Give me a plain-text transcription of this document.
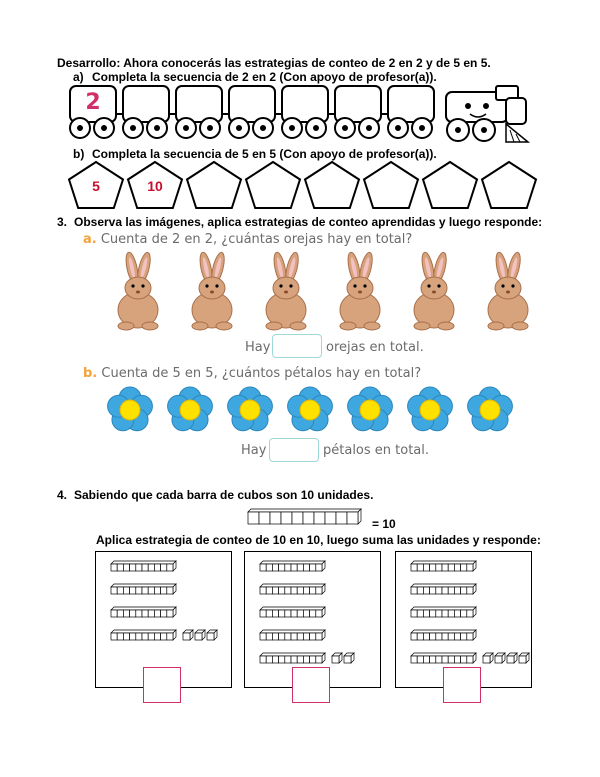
Desarrollo: Ahora conocerás las estrategias de conteo de 2 en 2 y de 5 en 5.
a) Completa la secuencia de 2 en 2 (Con apoyo de profesor(a)).
2
b) Completa la secuencia de 5 en 5 (Con apoyo de profesor(a)).
5	10
3. Observa las imágenes, aplica estrategias de conteo aprendidas y luego responde:
a. Cuenta de 2 en 2, ¿cuántas orejas hay en total?
Hay	orejas en total.
b. Cuenta de 5 en 5, ¿cuántos pétalos hay en total?
Hay	pétalos en total.
4. Sabiendo que cada barra de cubos son 10 unidades.
= 10
Aplica estrategia de conteo de 10 en 10, luego suma las unidades y responde:
